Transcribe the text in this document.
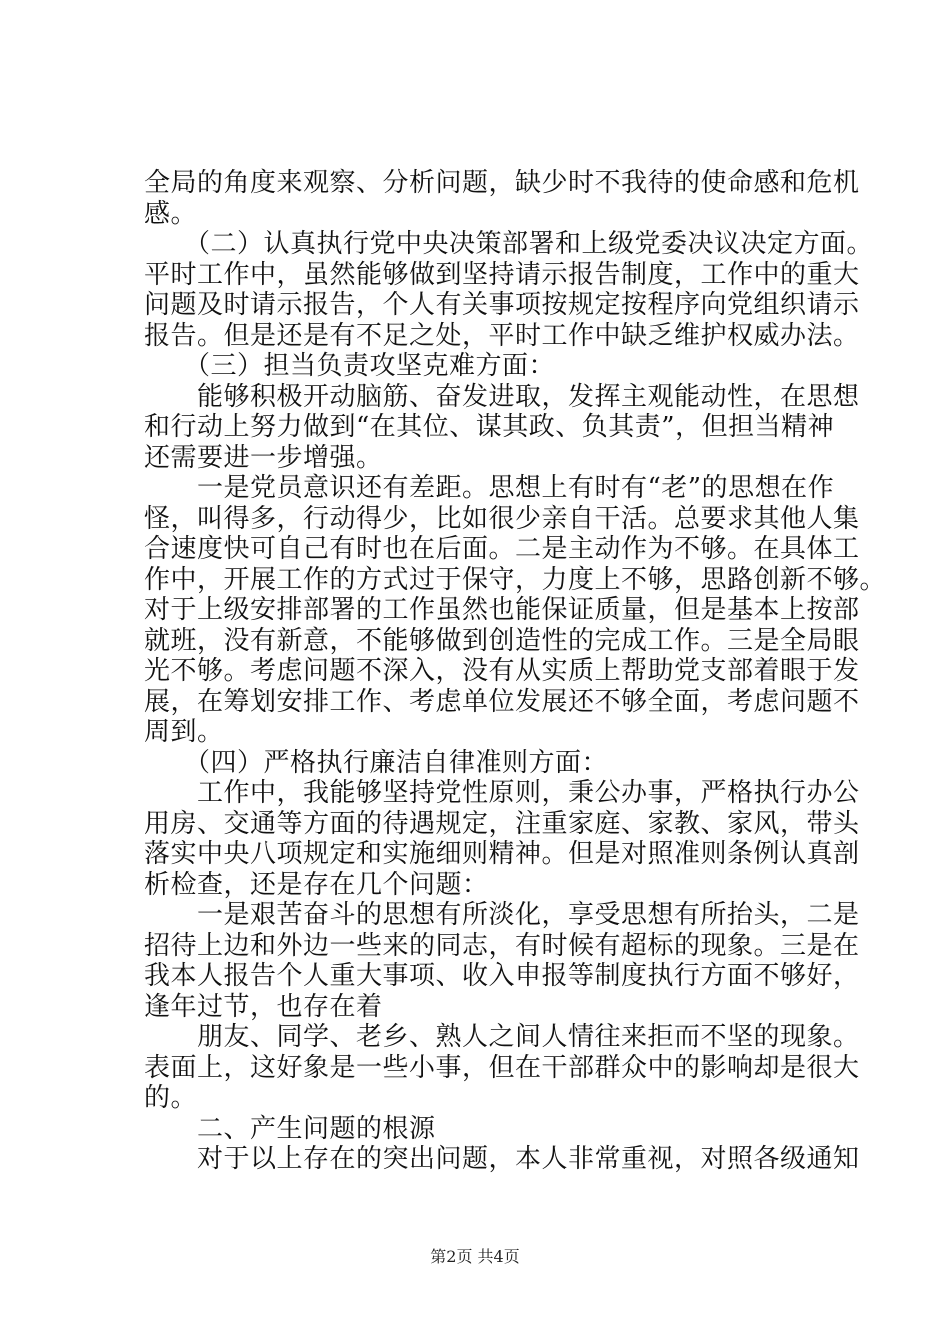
全局的角度来观察、分析问题，缺少时不我待的使命感和危机
感。
　　（二）认真执行党中央决策部署和上级党委决议决定方面。
平时工作中，虽然能够做到坚持请示报告制度，工作中的重大
问题及时请示报告，个人有关事项按规定按程序向党组织请示
报告。但是还是有不足之处，平时工作中缺乏维护权威办法。
　　（三）担当负责攻坚克难方面：
　　能够积极开动脑筋、奋发进取，发挥主观能动性，在思想
和行动上努力做到“在其位、谋其政、负其责”，但担当精神
还需要进一步增强。
　　一是党员意识还有差距。思想上有时有“老”的思想在作
怪，叫得多，行动得少，比如很少亲自干活。总要求其他人集
合速度快可自己有时也在后面。二是主动作为不够。在具体工
作中，开展工作的方式过于保守，力度上不够，思路创新不够。
对于上级安排部署的工作虽然也能保证质量，但是基本上按部
就班，没有新意，不能够做到创造性的完成工作。三是全局眼
光不够。考虑问题不深入，没有从实质上帮助党支部着眼于发
展，在筹划安排工作、考虑单位发展还不够全面，考虑问题不
周到。
　　（四）严格执行廉洁自律准则方面：
　　工作中，我能够坚持党性原则，秉公办事，严格执行办公
用房、交通等方面的待遇规定，注重家庭、家教、家风，带头
落实中央八项规定和实施细则精神。但是对照准则条例认真剖
析检查，还是存在几个问题：
　　一是艰苦奋斗的思想有所淡化，享受思想有所抬头，二是
招待上边和外边一些来的同志，有时候有超标的现象。三是在
我本人报告个人重大事项、收入申报等制度执行方面不够好，
逢年过节，也存在着
　　朋友、同学、老乡、熟人之间人情往来拒而不坚的现象。
表面上，这好象是一些小事，但在干部群众中的影响却是很大
的。
　　二、产生问题的根源
　　对于以上存在的突出问题，本人非常重视，对照各级通知
第2页 共4页
